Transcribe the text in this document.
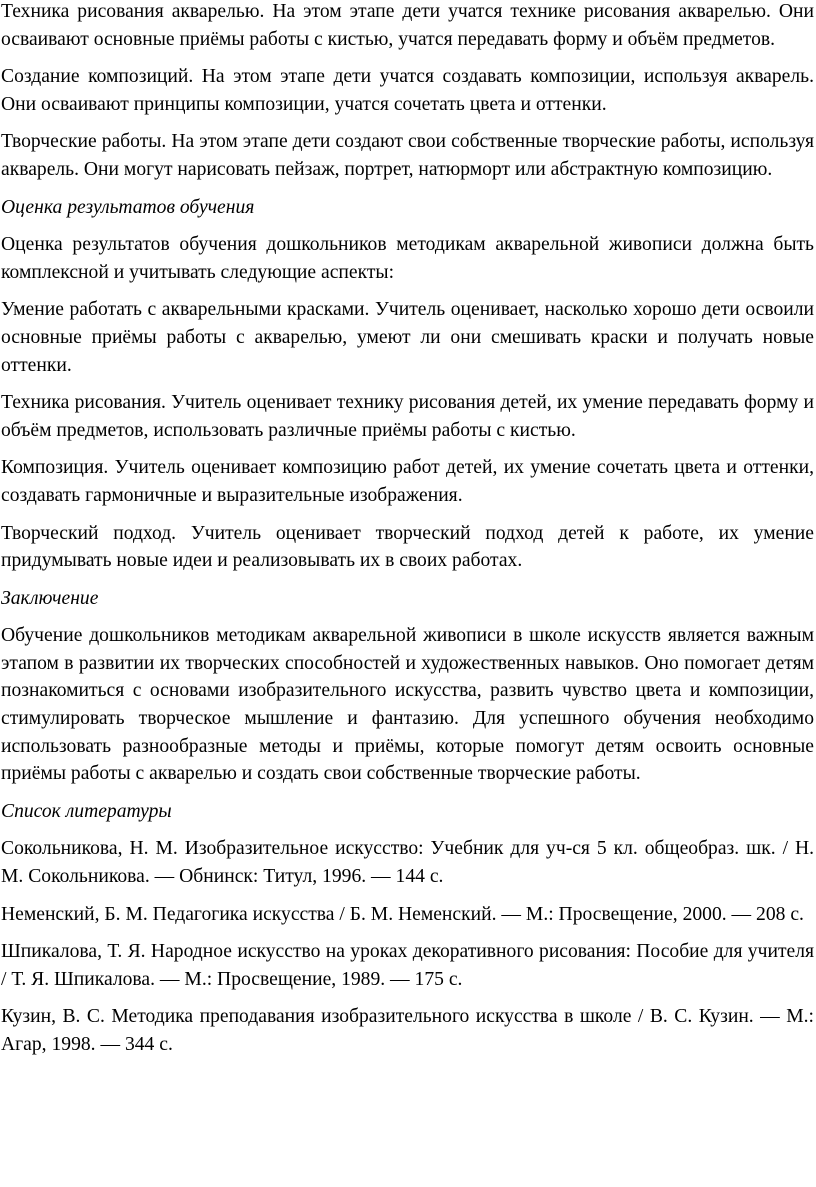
Техника рисования акварелью. На этом этапе дети учатся технике рисования акварелью. Они осваивают основные приёмы работы с кистью, учатся передавать форму и объём предметов.

Создание композиций. На этом этапе дети учатся создавать композиции, используя акварель. Они осваивают принципы композиции, учатся сочетать цвета и оттенки.

Творческие работы. На этом этапе дети создают свои собственные творческие работы, используя акварель. Они могут нарисовать пейзаж, портрет, натюрморт или абстрактную композицию.

Оценка результатов обучения

Оценка результатов обучения дошкольников методикам акварельной живописи должна быть комплексной и учитывать следующие аспекты:

Умение работать с акварельными красками. Учитель оценивает, насколько хорошо дети освоили основные приёмы работы с акварелью, умеют ли они смешивать краски и получать новые оттенки.

Техника рисования. Учитель оценивает технику рисования детей, их умение передавать форму и объём предметов, использовать различные приёмы работы с кистью.

Композиция. Учитель оценивает композицию работ детей, их умение сочетать цвета и оттенки, создавать гармоничные и выразительные изображения.

Творческий подход. Учитель оценивает творческий подход детей к работе, их умение придумывать новые идеи и реализовывать их в своих работах.

Заключение

Обучение дошкольников методикам акварельной живописи в школе искусств является важным этапом в развитии их творческих способностей и художественных навыков. Оно помогает детям познакомиться с основами изобразительного искусства, развить чувство цвета и композиции, стимулировать творческое мышление и фантазию. Для успешного обучения необходимо использовать разнообразные методы и приёмы, которые помогут детям освоить основные приёмы работы с акварелью и создать свои собственные творческие работы.

Список литературы

Сокольникова, Н. М. Изобразительное искусство: Учебник для уч-ся 5 кл. общеобраз. шк. / Н. М. Сокольникова. — Обнинск: Титул, 1996. — 144 с.

Неменский, Б. М. Педагогика искусства / Б. М. Неменский. — М.: Просвещение, 2000. — 208 с.

Шпикалова, Т. Я. Народное искусство на уроках декоративного рисования: Пособие для учителя / Т. Я. Шпикалова. — М.: Просвещение, 1989. — 175 с.

Кузин, В. С. Методика преподавания изобразительного искусства в школе / В. С. Кузин. — М.: Агар, 1998. — 344 с.
